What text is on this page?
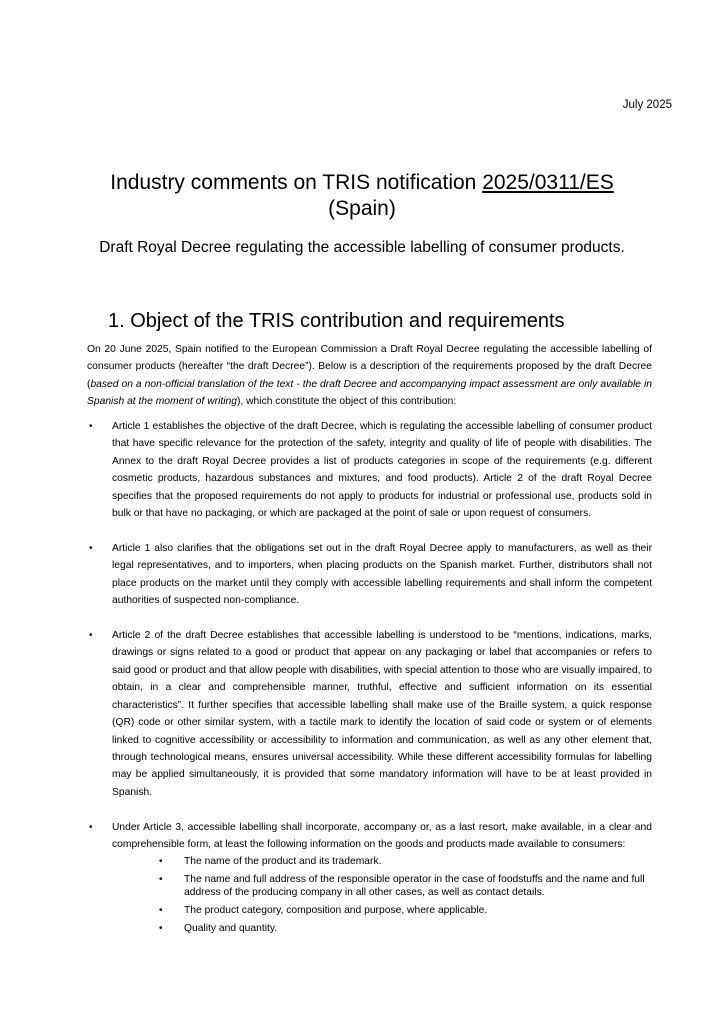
July 2025
Industry comments on TRIS notification 2025/0311/ES
(Spain)
Draft Royal Decree regulating the accessible labelling of consumer products.
1. Object of the TRIS contribution and requirements
On 20 June 2025, Spain notified to the European Commission a Draft Royal Decree regulating the accessible labelling of consumer products (hereafter “the draft Decree”). Below is a description of the requirements proposed by the draft Decree (based on a non-official translation of the text - the draft Decree and accompanying impact assessment are only available in Spanish at the moment of writing), which constitute the object of this contribution:
• Article 1 establishes the objective of the draft Decree, which is regulating the accessible labelling of consumer product that have specific relevance for the protection of the safety, integrity and quality of life of people with disabilities. The Annex to the draft Royal Decree provides a list of products categories in scope of the requirements (e.g. different cosmetic products, hazardous substances and mixtures, and food products). Article 2 of the draft Royal Decree specifies that the proposed requirements do not apply to products for industrial or professional use, products sold in bulk or that have no packaging, or which are packaged at the point of sale or upon request of consumers.
• Article 1 also clarifies that the obligations set out in the draft Royal Decree apply to manufacturers, as well as their legal representatives, and to importers, when placing products on the Spanish market. Further, distributors shall not place products on the market until they comply with accessible labelling requirements and shall inform the competent authorities of suspected non-compliance.
• Article 2 of the draft Decree establishes that accessible labelling is understood to be “mentions, indications, marks, drawings or signs related to a good or product that appear on any packaging or label that accompanies or refers to said good or product and that allow people with disabilities, with special attention to those who are visually impaired, to obtain, in a clear and comprehensible manner, truthful, effective and sufficient information on its essential characteristics”. It further specifies that accessible labelling shall make use of the Braille system, a quick response (QR) code or other similar system, with a tactile mark to identify the location of said code or system or of elements linked to cognitive accessibility or accessibility to information and communication, as well as any other element that, through technological means, ensures universal accessibility. While these different accessibility formulas for labelling may be applied simultaneously, it is provided that some mandatory information will have to be at least provided in Spanish.
• Under Article 3, accessible labelling shall incorporate, accompany or, as a last resort, make available, in a clear and comprehensible form, at least the following information on the goods and products made available to consumers:
• The name of the product and its trademark.
• The name and full address of the responsible operator in the case of foodstuffs and the name and full address of the producing company in all other cases, as well as contact details.
• The product category, composition and purpose, where applicable.
• Quality and quantity.
